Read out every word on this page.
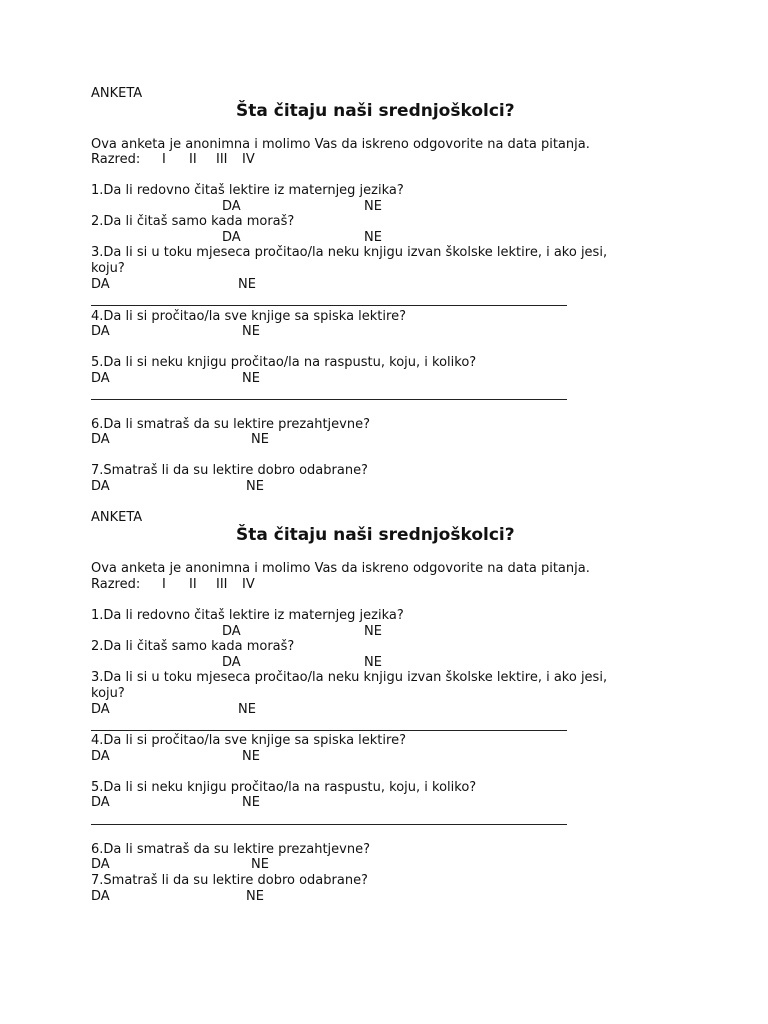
ANKETA
Šta čitaju naši srednjoškolci?
Ova anketa je anonimna i molimo Vas da iskreno odgovorite na data pitanja.
Razred: I II III IV
1.Da li redovno čitaš lektire iz maternjeg jezika?
DA	NE
2.Da li čitaš samo kada moraš?
DA	NE
3.Da li si u toku mjeseca pročitao/la neku knjigu izvan školske lektire, i ako jesi,
koju?
DA	NE
4.Da li si pročitao/la sve knjige sa spiska lektire?
DA	NE
5.Da li si neku knjigu pročitao/la na raspustu, koju, i koliko?
DA	NE
6.Da li smatraš da su lektire prezahtjevne?
DA	NE
7.Smatraš li da su lektire dobro odabrane?
DA	NE
ANKETA
Šta čitaju naši srednjoškolci?
Ova anketa je anonimna i molimo Vas da iskreno odgovorite na data pitanja.
Razred: I II III IV
1.Da li redovno čitaš lektire iz maternjeg jezika?
DA	NE
2.Da li čitaš samo kada moraš?
DA	NE
3.Da li si u toku mjeseca pročitao/la neku knjigu izvan školske lektire, i ako jesi,
koju?
DA	NE
4.Da li si pročitao/la sve knjige sa spiska lektire?
DA	NE
5.Da li si neku knjigu pročitao/la na raspustu, koju, i koliko?
DA	NE
6.Da li smatraš da su lektire prezahtjevne?
DA	NE
7.Smatraš li da su lektire dobro odabrane?
DA	NE
